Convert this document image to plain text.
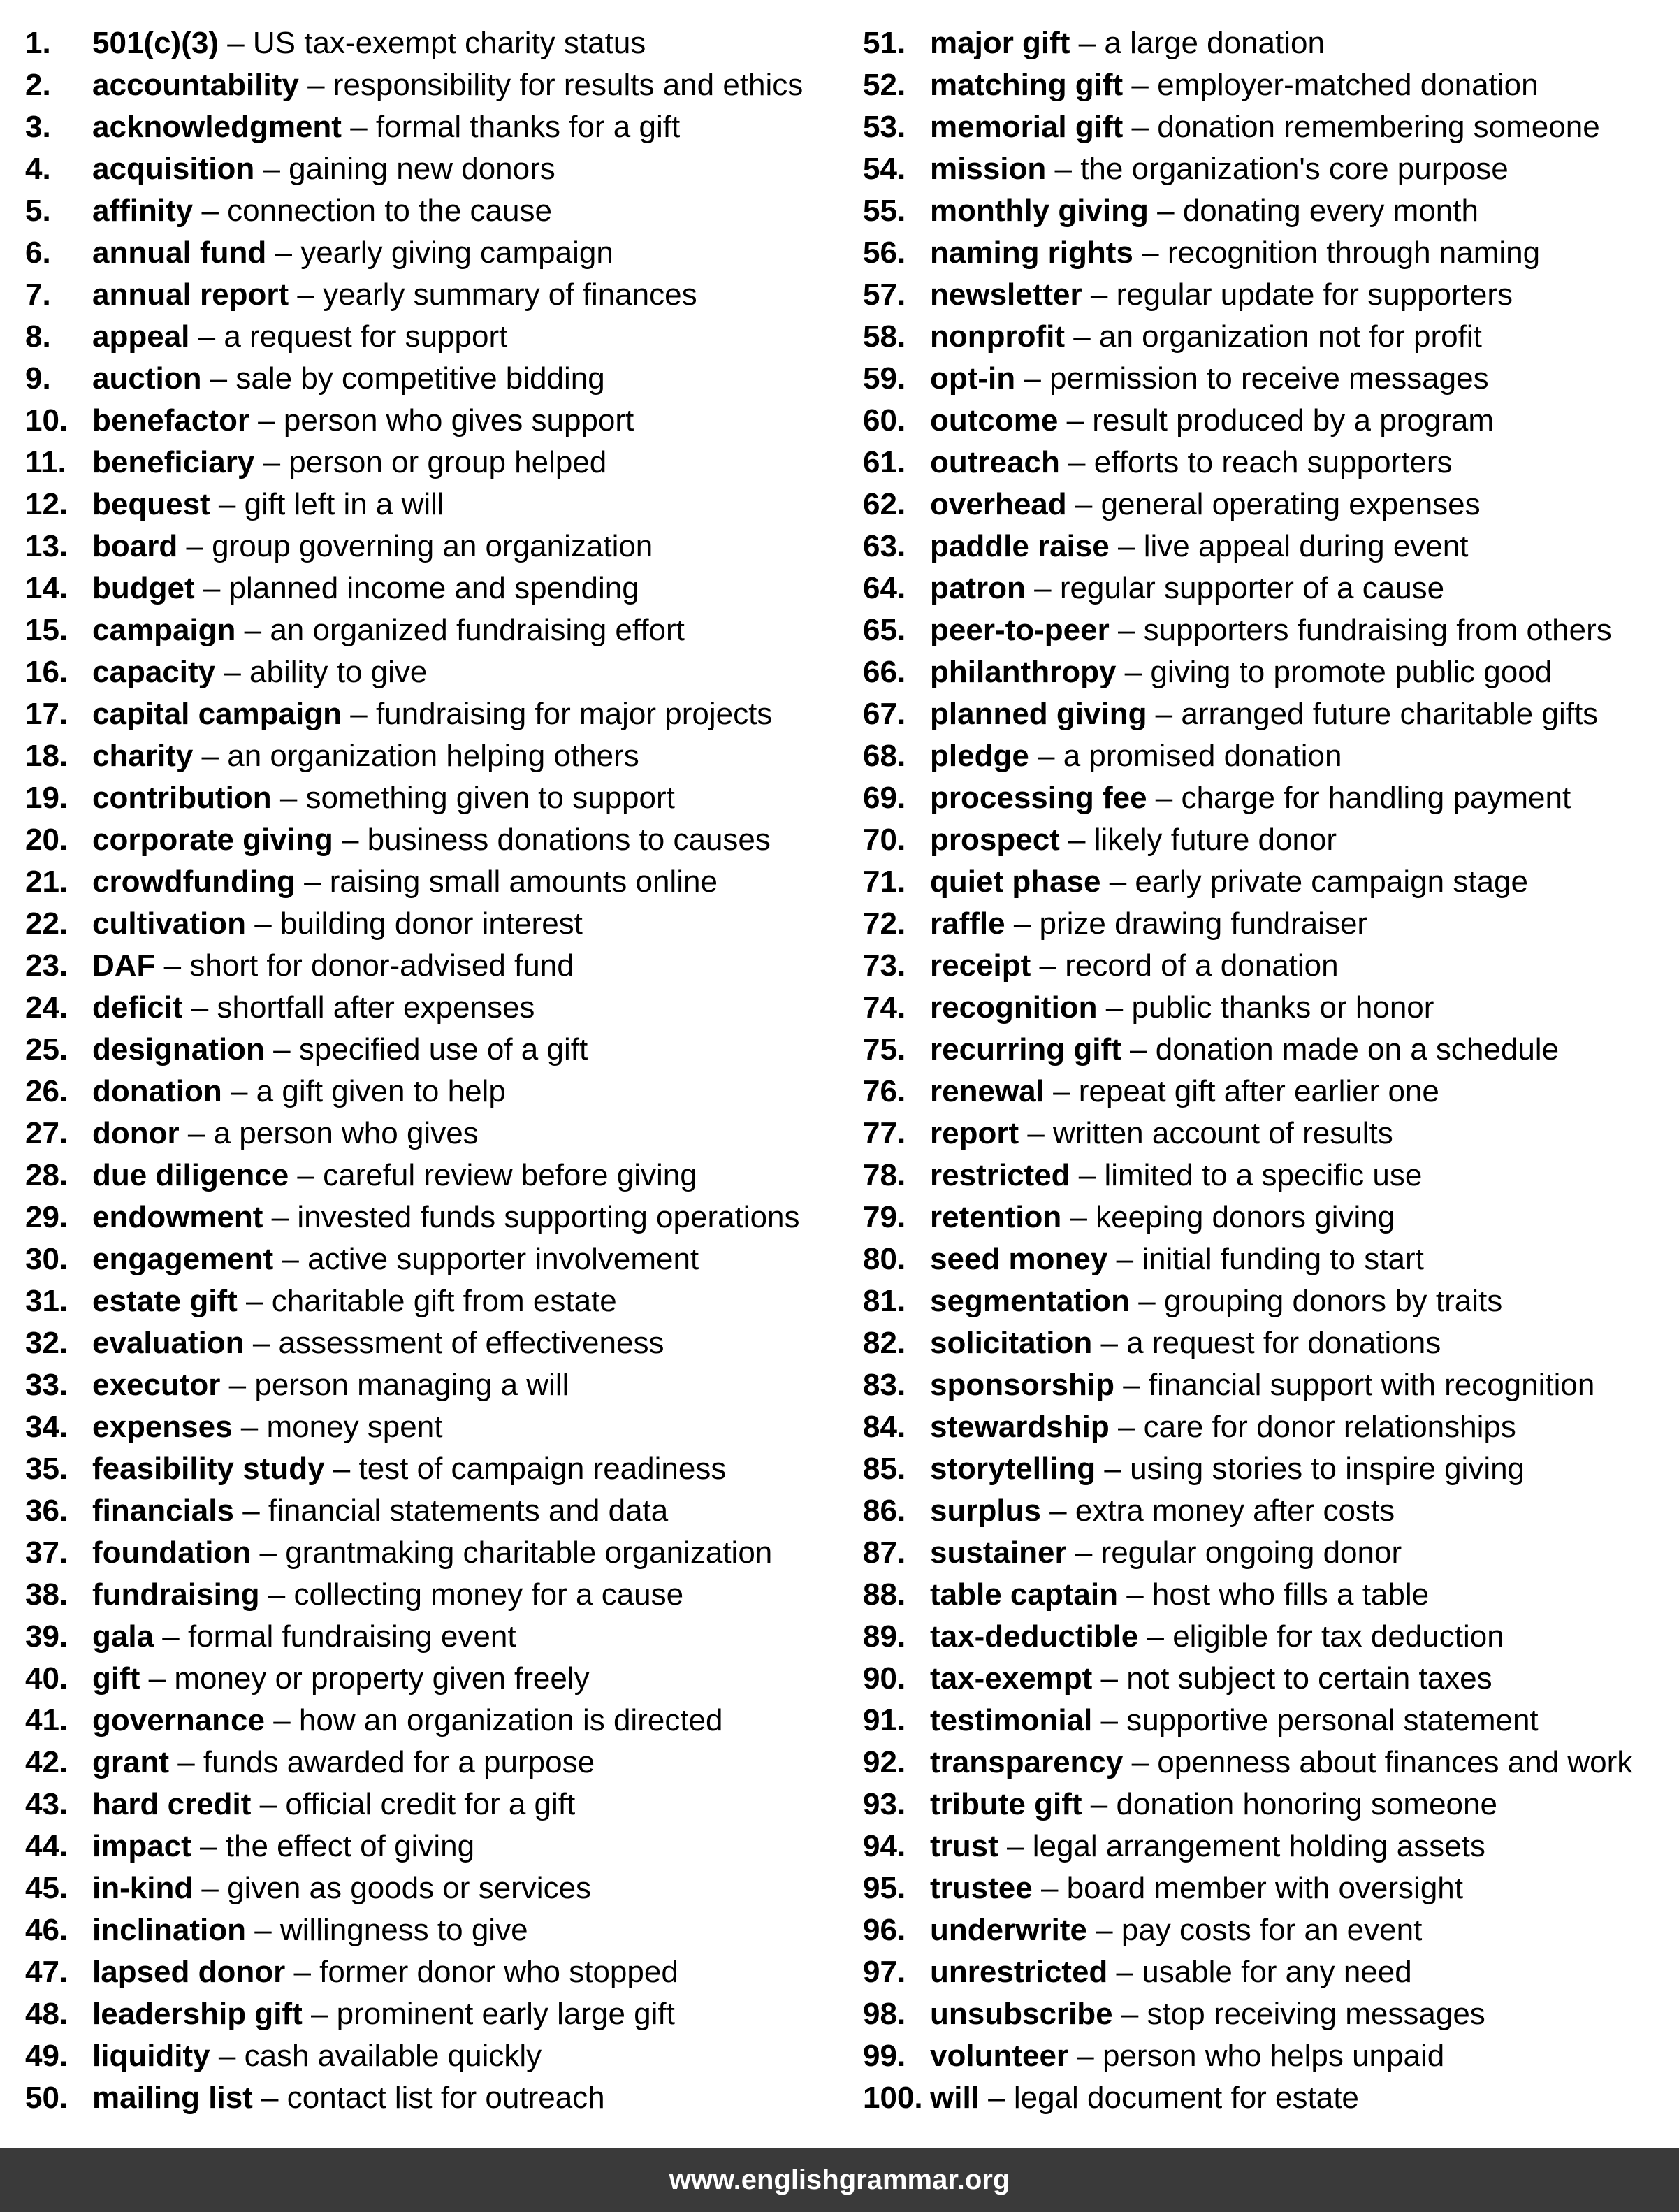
1. 501(c)(3) – US tax-exempt charity status
2. accountability – responsibility for results and ethics
3. acknowledgment – formal thanks for a gift
4. acquisition – gaining new donors
5. affinity – connection to the cause
6. annual fund – yearly giving campaign
7. annual report – yearly summary of finances
8. appeal – a request for support
9. auction – sale by competitive bidding
10. benefactor – person who gives support
11. beneficiary – person or group helped
12. bequest – gift left in a will
13. board – group governing an organization
14. budget – planned income and spending
15. campaign – an organized fundraising effort
16. capacity – ability to give
17. capital campaign – fundraising for major projects
18. charity – an organization helping others
19. contribution – something given to support
20. corporate giving – business donations to causes
21. crowdfunding – raising small amounts online
22. cultivation – building donor interest
23. DAF – short for donor-advised fund
24. deficit – shortfall after expenses
25. designation – specified use of a gift
26. donation – a gift given to help
27. donor – a person who gives
28. due diligence – careful review before giving
29. endowment – invested funds supporting operations
30. engagement – active supporter involvement
31. estate gift – charitable gift from estate
32. evaluation – assessment of effectiveness
33. executor – person managing a will
34. expenses – money spent
35. feasibility study – test of campaign readiness
36. financials – financial statements and data
37. foundation – grantmaking charitable organization
38. fundraising – collecting money for a cause
39. gala – formal fundraising event
40. gift – money or property given freely
41. governance – how an organization is directed
42. grant – funds awarded for a purpose
43. hard credit – official credit for a gift
44. impact – the effect of giving
45. in-kind – given as goods or services
46. inclination – willingness to give
47. lapsed donor – former donor who stopped
48. leadership gift – prominent early large gift
49. liquidity – cash available quickly
50. mailing list – contact list for outreach
51. major gift – a large donation
52. matching gift – employer-matched donation
53. memorial gift – donation remembering someone
54. mission – the organization's core purpose
55. monthly giving – donating every month
56. naming rights – recognition through naming
57. newsletter – regular update for supporters
58. nonprofit – an organization not for profit
59. opt-in – permission to receive messages
60. outcome – result produced by a program
61. outreach – efforts to reach supporters
62. overhead – general operating expenses
63. paddle raise – live appeal during event
64. patron – regular supporter of a cause
65. peer-to-peer – supporters fundraising from others
66. philanthropy – giving to promote public good
67. planned giving – arranged future charitable gifts
68. pledge – a promised donation
69. processing fee – charge for handling payment
70. prospect – likely future donor
71. quiet phase – early private campaign stage
72. raffle – prize drawing fundraiser
73. receipt – record of a donation
74. recognition – public thanks or honor
75. recurring gift – donation made on a schedule
76. renewal – repeat gift after earlier one
77. report – written account of results
78. restricted – limited to a specific use
79. retention – keeping donors giving
80. seed money – initial funding to start
81. segmentation – grouping donors by traits
82. solicitation – a request for donations
83. sponsorship – financial support with recognition
84. stewardship – care for donor relationships
85. storytelling – using stories to inspire giving
86. surplus – extra money after costs
87. sustainer – regular ongoing donor
88. table captain – host who fills a table
89. tax-deductible – eligible for tax deduction
90. tax-exempt – not subject to certain taxes
91. testimonial – supportive personal statement
92. transparency – openness about finances and work
93. tribute gift – donation honoring someone
94. trust – legal arrangement holding assets
95. trustee – board member with oversight
96. underwrite – pay costs for an event
97. unrestricted – usable for any need
98. unsubscribe – stop receiving messages
99. volunteer – person who helps unpaid
100. will – legal document for estate
www.englishgrammar.org
